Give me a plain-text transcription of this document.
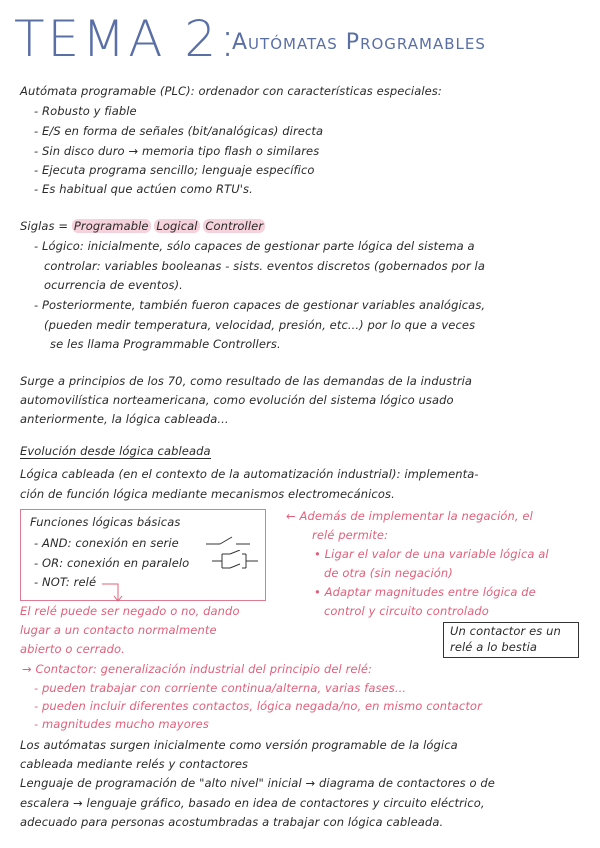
TEMA 2:
Autómatas Programables
Autómata programable (PLC): ordenador con características especiales:
- Robusto y fiable
- E/S en forma de señales (bit/analógicas) directa
- Sin disco duro → memoria tipo flash o similares
- Ejecuta programa sencillo; lenguaje específico
- Es habitual que actúen como RTU's.
Siglas = Programable Logical Controller
- Lógico: inicialmente, sólo capaces de gestionar parte lógica del sistema a
controlar: variables booleanas - sists. eventos discretos (gobernados por la
ocurrencia de eventos).
- Posteriormente, también fueron capaces de gestionar variables analógicas,
(pueden medir temperatura, velocidad, presión, etc...) por lo que a veces
se les llama Programmable Controllers.
Surge a principios de los 70, como resultado de las demandas de la industria
automovilística norteamericana, como evolución del sistema lógico usado
anteriormente, la lógica cableada...
Evolución desde lógica cableada
Lógica cableada (en el contexto de la automatización industrial): implementa-
ción de función lógica mediante mecanismos electromecánicos.
Funciones lógicas básicas
- AND: conexión en serie
- OR: conexión en paralelo
- NOT: relé
El relé puede ser negado o no, dando
lugar a un contacto normalmente
abierto o cerrado.
← Además de implementar la negación, el
relé permite:
• Ligar el valor de una variable lógica al
de otra (sin negación)
• Adaptar magnitudes entre lógica de
control y circuito controlado
Un contactor es un
relé a lo bestia
→ Contactor: generalización industrial del principio del relé:
- pueden trabajar con corriente continua/alterna, varias fases...
- pueden incluir diferentes contactos, lógica negada/no, en mismo contactor
- magnitudes mucho mayores
Los autómatas surgen inicialmente como versión programable de la lógica
cableada mediante relés y contactores
Lenguaje de programación de "alto nivel" inicial → diagrama de contactores o de
escalera → lenguaje gráfico, basado en idea de contactores y circuito eléctrico,
adecuado para personas acostumbradas a trabajar con lógica cableada.
